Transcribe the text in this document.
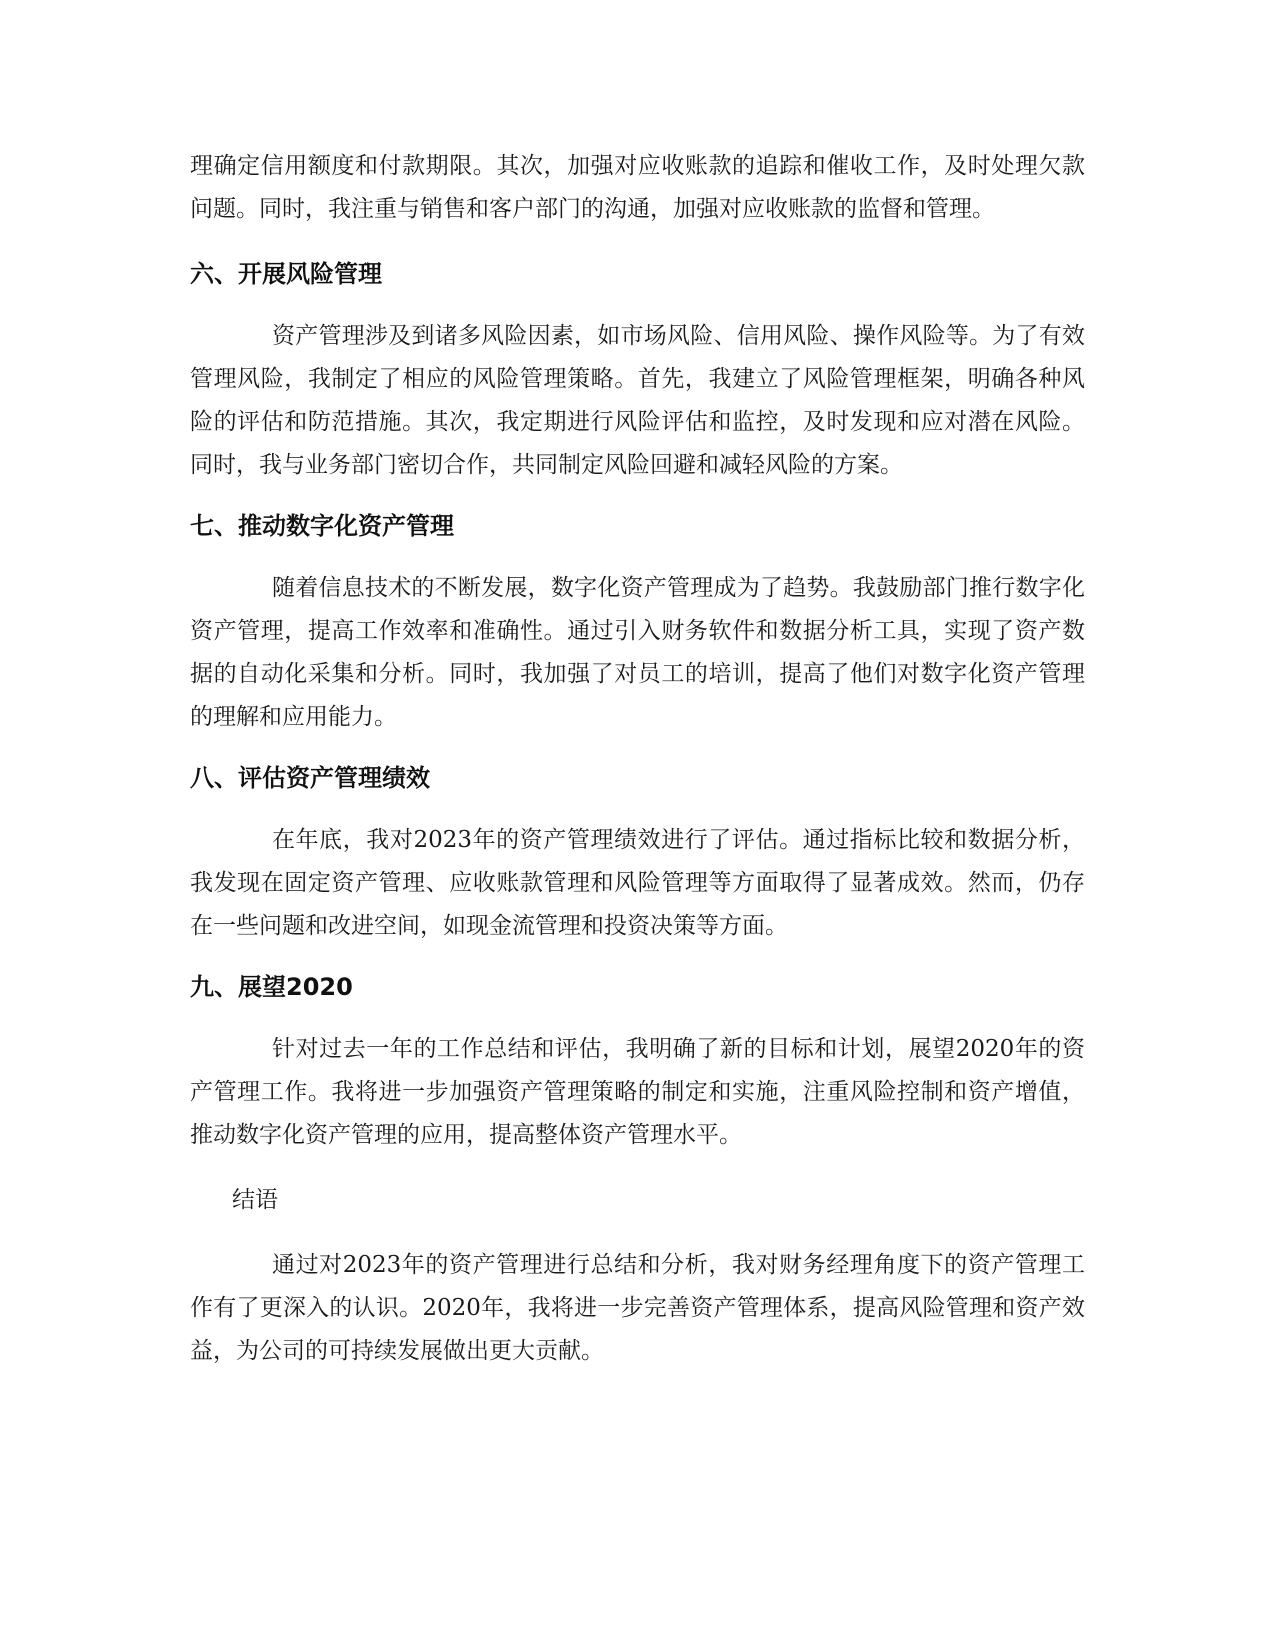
理确定信用额度和付款期限。其次，加强对应收账款的追踪和催收工作，及时处理欠款问题。同时，我注重与销售和客户部门的沟通，加强对应收账款的监督和管理。

六、开展风险管理

资产管理涉及到诸多风险因素，如市场风险、信用风险、操作风险等。为了有效管理风险，我制定了相应的风险管理策略。首先，我建立了风险管理框架，明确各种风险的评估和防范措施。其次，我定期进行风险评估和监控，及时发现和应对潜在风险。同时，我与业务部门密切合作，共同制定风险回避和减轻风险的方案。

七、推动数字化资产管理

随着信息技术的不断发展，数字化资产管理成为了趋势。我鼓励部门推行数字化资产管理，提高工作效率和准确性。通过引入财务软件和数据分析工具，实现了资产数据的自动化采集和分析。同时，我加强了对员工的培训，提高了他们对数字化资产管理的理解和应用能力。

八、评估资产管理绩效

在年底，我对2023年的资产管理绩效进行了评估。通过指标比较和数据分析，我发现在固定资产管理、应收账款管理和风险管理等方面取得了显著成效。然而，仍存在一些问题和改进空间，如现金流管理和投资决策等方面。

九、展望2020

针对过去一年的工作总结和评估，我明确了新的目标和计划，展望2020年的资产管理工作。我将进一步加强资产管理策略的制定和实施，注重风险控制和资产增值，推动数字化资产管理的应用，提高整体资产管理水平。

结语

通过对2023年的资产管理进行总结和分析，我对财务经理角度下的资产管理工作有了更深入的认识。2020年，我将进一步完善资产管理体系，提高风险管理和资产效益，为公司的可持续发展做出更大贡献。
